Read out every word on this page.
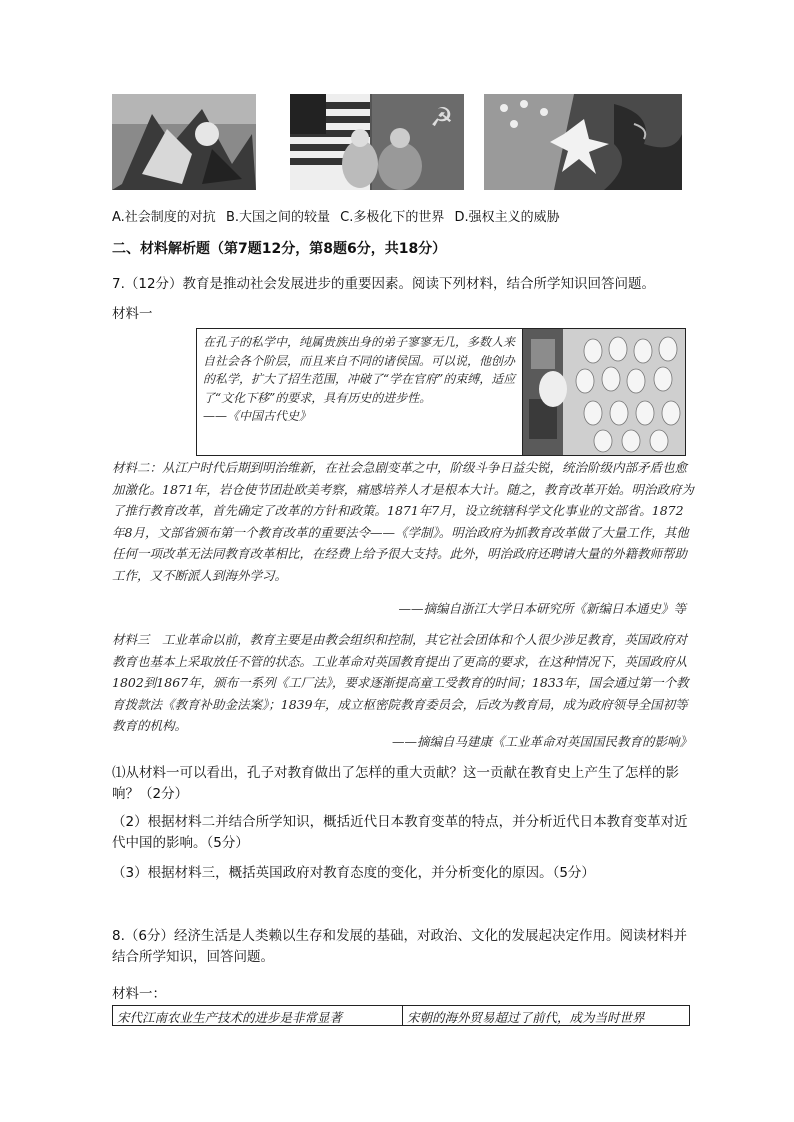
☭
A.社会制度的对抗 B.大国之间的较量 C.多极化下的世界 D.强权主义的威胁
二、材料解析题（第7题12分，第8题6分，共18分）
7.（12分）教育是推动社会发展进步的重要因素。阅读下列材料，结合所学知识回答问题。
材料一
在孔子的私学中，纯属贵族出身的弟子寥寥无几，多数人来自社会各个阶层，而且来自不同的诸侯国。可以说，他创办的私学，扩大了招生范围，冲破了“学在官府”的束缚，适应了“文化下移”的要求，具有历史的进步性。
——《中国古代史》
材料二：从江户时代后期到明治维新，在社会急剧变革之中，阶级斗争日益尖锐，统治阶级内部矛盾也愈加激化。1871年，岩仓使节团赴欧美考察，痛感培养人才是根本大计。随之，教育改革开始。明治政府为了推行教育改革，首先确定了改革的方针和政策。1871年7月，设立统辖科学文化事业的文部省。1872年8月，文部省颁布第一个教育改革的重要法令——《学制》。明治政府为抓教育改革做了大量工作，其他任何一项改革无法同教育改革相比，在经费上给予很大支持。此外，明治政府还聘请大量的外籍教师帮助工作，又不断派人到海外学习。
——摘编自浙江大学日本研究所《新编日本通史》等
材料三　工业革命以前，教育主要是由教会组织和控制，其它社会团体和个人很少涉足教育，英国政府对教育也基本上采取放任不管的状态。工业革命对英国教育提出了更高的要求，在这种情况下，英国政府从1802到1867年，颁布一系列《工厂法》，要求逐渐提高童工受教育的时间；1833年，国会通过第一个教育拨款法《教育补助金法案》；1839年，成立枢密院教育委员会，后改为教育局，成为政府领导全国初等教育的机构。
——摘编自马建康《工业革命对英国国民教育的影响》
⑴从材料一可以看出，孔子对教育做出了怎样的重大贡献？这一贡献在教育史上产生了怎样的影响？（2分）
（2）根据材料二并结合所学知识，概括近代日本教育变革的特点，并分析近代日本教育变革对近代中国的影响。（5分）
（3）根据材料三，概括英国政府对教育态度的变化，并分析变化的原因。（5分）
8.（6分）经济生活是人类赖以生存和发展的基础，对政治、文化的发展起决定作用。阅读材料并结合所学知识，回答问题。
材料一：
宋代江南农业生产技术的进步是非常显著	宋朝的海外贸易超过了前代，成为当时世界
